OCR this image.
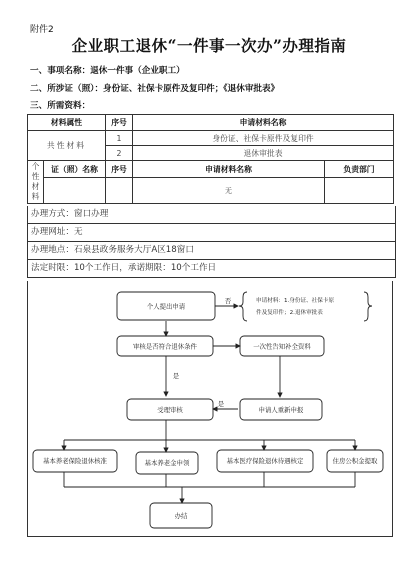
附件2
企业职工退休“一件事一次办”办理指南
一、事项名称：退休一件事（企业职工）
二、所涉证（照）：身份证、社保卡原件及复印件；《退休审批表》
三、所需资料：
材料属性		序号	申请材料名称	
共性材料		1	身份证、社保卡原件及复印件	
		2	退休审批表	
个
性
材
料	证（照）名称	序号	申请材料名称	负责部门
			无	
办理方式：窗口办理
办理网址：无
办理地点：石泉县政务服务大厅A区18窗口
法定时限：10个工作日，承诺期限：10个工作日
个人提出申请
审核是否符合退休条件	一次性告知补全资料
受理审核	申请人重新申报
基本养老保险退休核准	基本养老金申领	基本医疗保险退休待遇核定	住房公积金提取
办结
否
是
是
申请材料：1.身份证、社保卡原
件及复印件；2.退休审批表
